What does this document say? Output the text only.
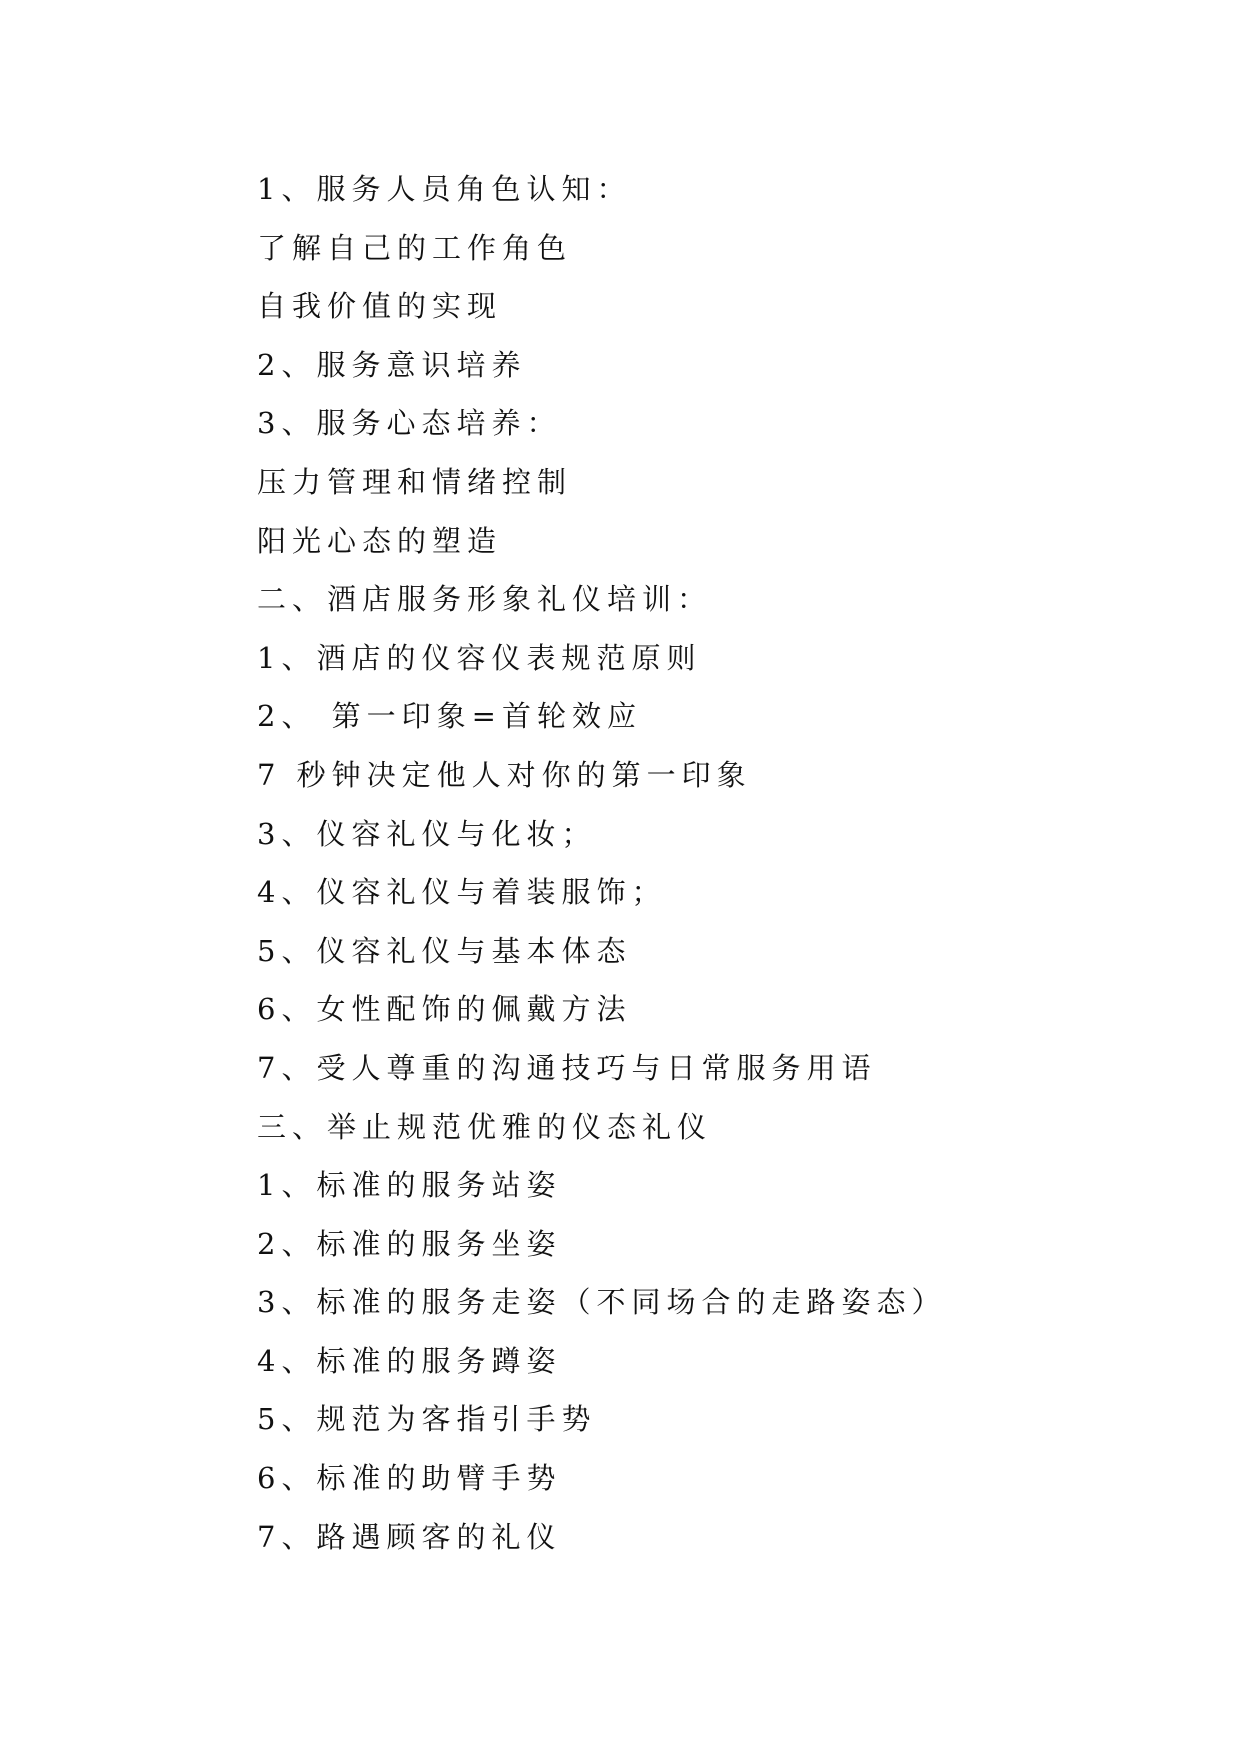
1、服务人员角色认知：
了解自己的工作角色
自我价值的实现
2、服务意识培养
3、服务心态培养：
压力管理和情绪控制
阳光心态的塑造
二、酒店服务形象礼仪培训：
1、酒店的仪容仪表规范原则
2、 第一印象=首轮效应
7 秒钟决定他人对你的第一印象
3、仪容礼仪与化妆；
4、仪容礼仪与着装服饰；
5、仪容礼仪与基本体态
6、女性配饰的佩戴方法
7、受人尊重的沟通技巧与日常服务用语
三、举止规范优雅的仪态礼仪
1、标准的服务站姿
2、标准的服务坐姿
3、标准的服务走姿（不同场合的走路姿态）
4、标准的服务蹲姿
5、规范为客指引手势
6、标准的助臂手势
7、路遇顾客的礼仪
